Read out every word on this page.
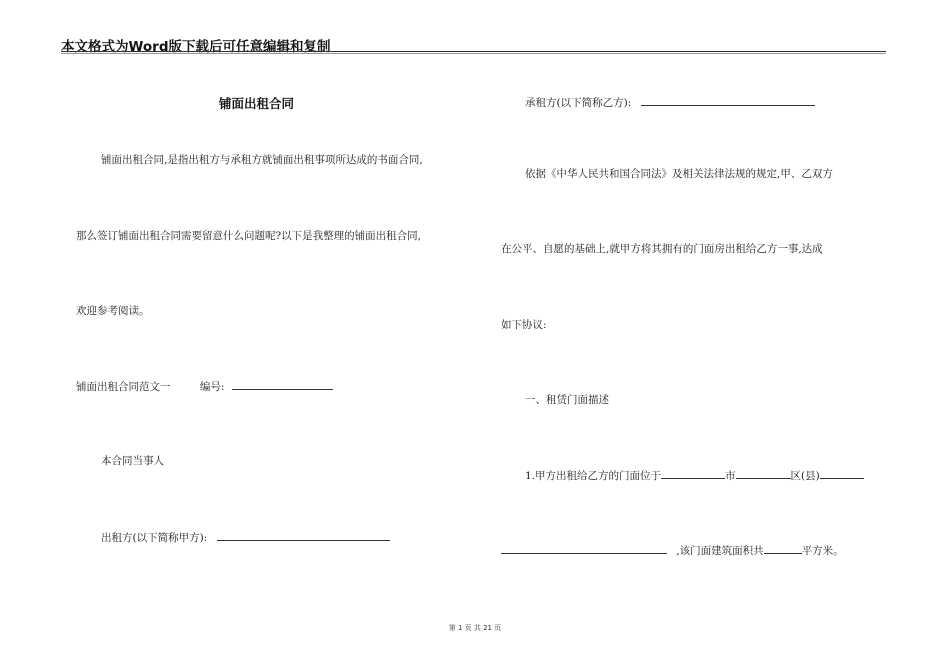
本文格式为Word版下载后可任意编辑和复制
铺面出租合同
铺面出租合同,是指出租方与承租方就铺面出租事项所达成的书面合同,
那么签订铺面出租合同需要留意什么问题呢?以下是我整理的铺面出租合同,
欢迎参考阅读。
铺面出租合同范文一	编号:
本合同当事人
出租方(以下简称甲方):
承租方(以下简称乙方):
依据《中华人民共和国合同法》及相关法律法规的规定,甲、乙双方
在公平、自愿的基础上,就甲方将其拥有的门面房出租给乙方一事,达成
如下协议:
一、租赁门面描述
1.甲方出租给乙方的门面位于	市	区(县)
,该门面建筑面积共	平方米。
第 1 页 共 21 页
